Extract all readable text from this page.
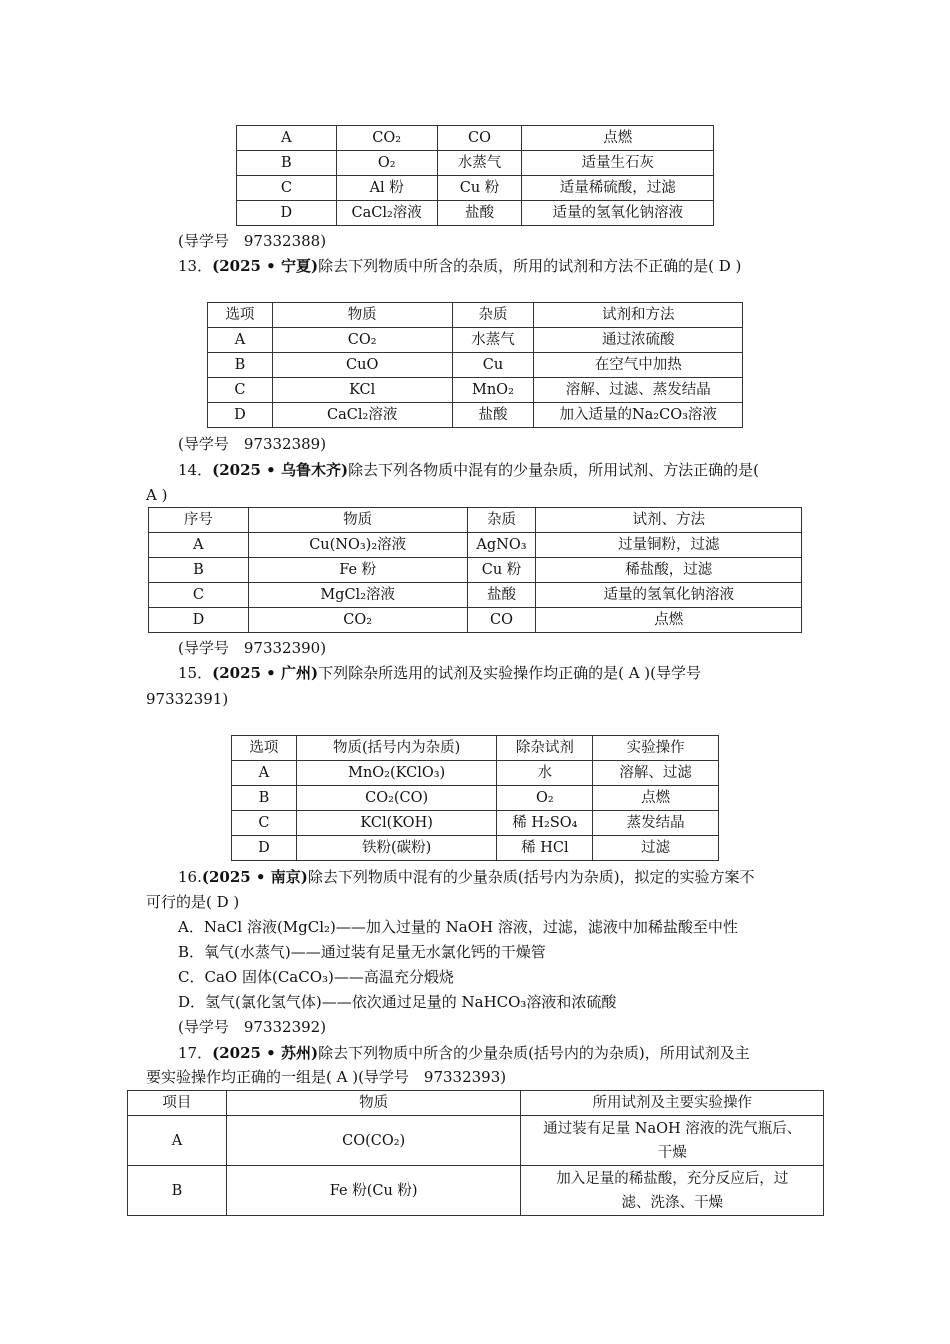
A	CO₂	CO	点燃
B	O₂	水蒸气	适量生石灰
C	Al 粉	Cu 粉	适量稀硫酸，过滤
D	CaCl₂溶液	盐酸	适量的氢氧化钠溶液
(导学号　97332388)
13．(2025 • 宁夏)除去下列物质中所含的杂质，所用的试剂和方法不正确的是( D )
选项	物质	杂质	试剂和方法
A	CO₂	水蒸气	通过浓硫酸
B	CuO	Cu	在空气中加热
C	KCl	MnO₂	溶解、过滤、蒸发结晶
D	CaCl₂溶液	盐酸	加入适量的Na₂CO₃溶液
(导学号　97332389)
14．(2025 • 乌鲁木齐)除去下列各物质中混有的少量杂质，所用试剂、方法正确的是(
A )
序号	物质	杂质	试剂、方法
A	Cu(NO₃)₂溶液	AgNO₃	过量铜粉，过滤
B	Fe 粉	Cu 粉	稀盐酸，过滤
C	MgCl₂溶液	盐酸	适量的氢氧化钠溶液
D	CO₂	CO	点燃
(导学号　97332390)
15．(2025 • 广州)下列除杂所选用的试剂及实验操作均正确的是( A )(导学号
97332391)
选项	物质(括号内为杂质)	除杂试剂	实验操作
A	MnO₂(KClO₃)	水	溶解、过滤
B	CO₂(CO)	O₂	点燃
C	KCl(KOH)	稀 H₂SO₄	蒸发结晶
D	铁粉(碳粉)	稀 HCl	过滤
16.(2025 • 南京)除去下列物质中混有的少量杂质(括号内为杂质)，拟定的实验方案不
可行的是( D )
A．NaCl 溶液(MgCl₂)——加入过量的 NaOH 溶液，过滤，滤液中加稀盐酸至中性
B．氧气(水蒸气)——通过装有足量无水氯化钙的干燥管
C．CaO 固体(CaCO₃)——高温充分煅烧
D．氢气(氯化氢气体)——依次通过足量的 NaHCO₃溶液和浓硫酸
(导学号　97332392)
17．(2025 • 苏州)除去下列物质中所含的少量杂质(括号内的为杂质)，所用试剂及主
要实验操作均正确的一组是( A )(导学号　97332393)
项目	物质	所用试剂及主要实验操作
A	CO(CO₂)	通过装有足量 NaOH 溶液的洗气瓶后、
干燥

B	Fe 粉(Cu 粉)	加入足量的稀盐酸，充分反应后，过
滤、洗涤、干燥
